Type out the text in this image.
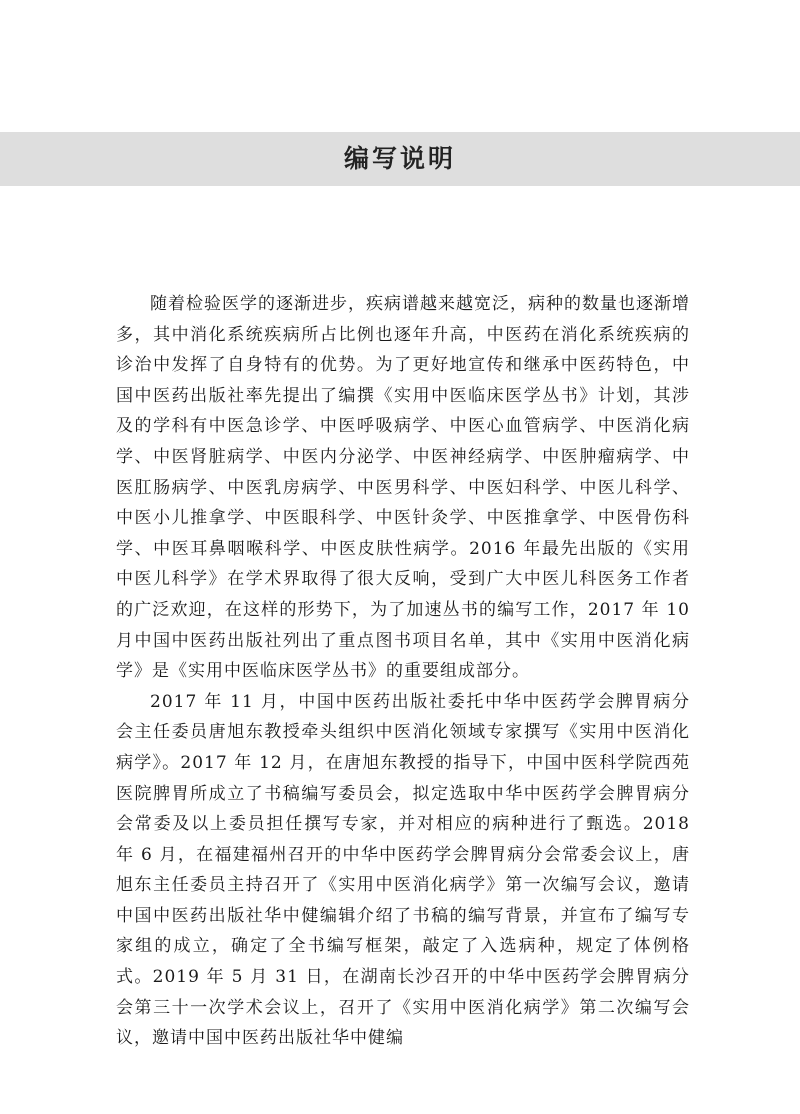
编写说明

随着检验医学的逐渐进步，疾病谱越来越宽泛，病种的数量也逐渐增多，其中消化系统疾病所占比例也逐年升高，中医药在消化系统疾病的诊治中发挥了自身特有的优势。为了更好地宣传和继承中医药特色，中国中医药出版社率先提出了编撰《实用中医临床医学丛书》计划，其涉及的学科有中医急诊学、中医呼吸病学、中医心血管病学、中医消化病学、中医肾脏病学、中医内分泌学、中医神经病学、中医肿瘤病学、中医肛肠病学、中医乳房病学、中医男科学、中医妇科学、中医儿科学、中医小儿推拿学、中医眼科学、中医针灸学、中医推拿学、中医骨伤科学、中医耳鼻咽喉科学、中医皮肤性病学。2016 年最先出版的《实用中医儿科学》在学术界取得了很大反响，受到广大中医儿科医务工作者的广泛欢迎，在这样的形势下，为了加速丛书的编写工作，2017 年 10 月中国中医药出版社列出了重点图书项目名单，其中《实用中医消化病学》是《实用中医临床医学丛书》的重要组成部分。

2017 年 11 月，中国中医药出版社委托中华中医药学会脾胃病分会主任委员唐旭东教授牵头组织中医消化领域专家撰写《实用中医消化病学》。2017 年 12 月，在唐旭东教授的指导下，中国中医科学院西苑医院脾胃所成立了书稿编写委员会，拟定选取中华中医药学会脾胃病分会常委及以上委员担任撰写专家，并对相应的病种进行了甄选。2018 年 6 月，在福建福州召开的中华中医药学会脾胃病分会常委会议上，唐旭东主任委员主持召开了《实用中医消化病学》第一次编写会议，邀请中国中医药出版社华中健编辑介绍了书稿的编写背景，并宣布了编写专家组的成立，确定了全书编写框架，敲定了入选病种，规定了体例格式。2019 年 5 月 31 日，在湖南长沙召开的中华中医药学会脾胃病分会第三十一次学术会议上，召开了《实用中医消化病学》第二次编写会议，邀请中国中医药出版社华中健编
